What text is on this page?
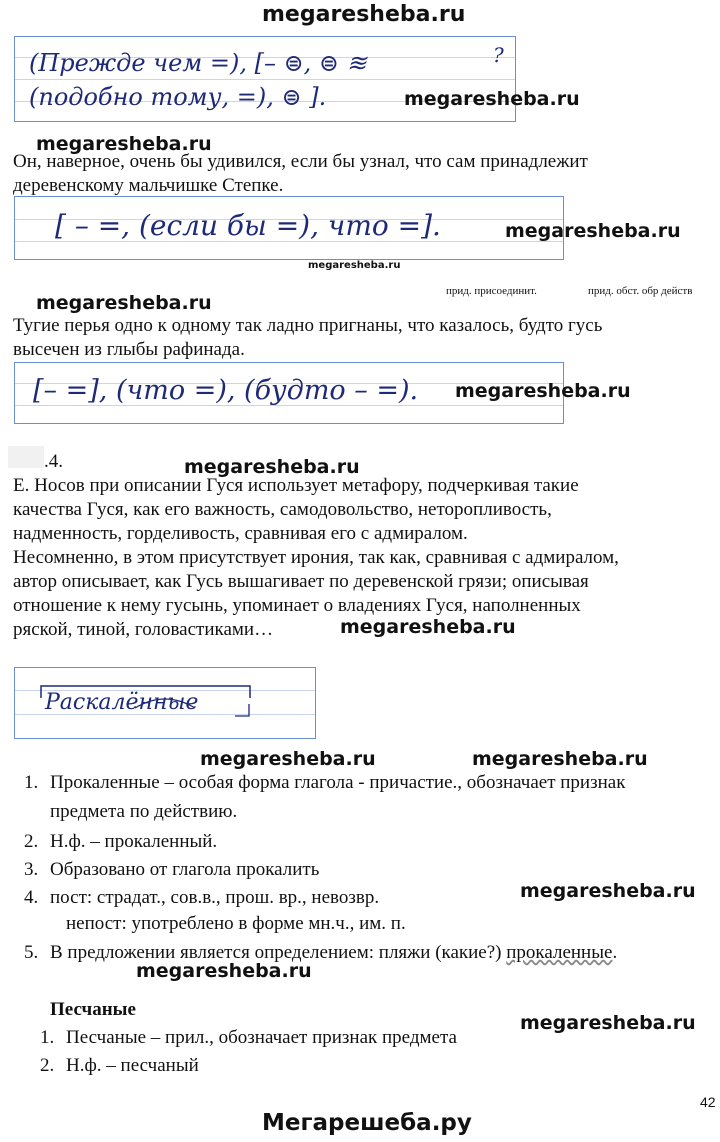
megaresheba.ru
(Прежде чем =), [– ⊜, ⊜ ≋	?
(подобно тому, =), ⊜ ].	megaresheba.ru
megaresheba.ru
Он, наверное, очень бы удивился, если бы узнал, что сам принадлежит
деревенскому мальчишке Степке.
[ – =, (если бы =), что =].	megaresheba.ru
megaresheba.ru
прид. присоединит.	прид. обст. обр действ
megaresheba.ru
Тугие перья одно к одному так ладно пригнаны, что казалось, будто гусь
высечен из глыбы рафинада.
[– =], (что =), (будто – =). megaresheba.ru
.4.	megaresheba.ru
Е. Носов при описании Гуся использует метафору, подчеркивая такие
качества Гуся, как его важность, самодовольство, неторопливость,
надменность, горделивость, сравнивая его с адмиралом.
Несомненно, в этом присутствует ирония, так как, сравнивая с адмиралом,
автор описывает, как Гусь вышагивает по деревенской грязи; описывая
отношение к нему гусынь, упоминает о владениях Гуся, наполненных
ряской, тиной, головастиками…	megaresheba.ru
Раскалённые
megaresheba.ru	megaresheba.ru
1. Прокаленные – особая форма глагола - причастие., обозначает признак
предмета по действию.
2. Н.ф. – прокаленный.
3. Образовано от глагола прокалить
4. пост: страдат., сов.в., прош. вр., невозвр.	megaresheba.ru
непост: употреблено в форме мн.ч., им. п.
5. В предложении является определением: пляжи (какие?) прокаленные.
megaresheba.ru
Песчаные
1. Песчаные – прил., обозначает признак предмета
megaresheba.ru
2. Н.ф. – песчаный
42
Мегарешеба.ру
